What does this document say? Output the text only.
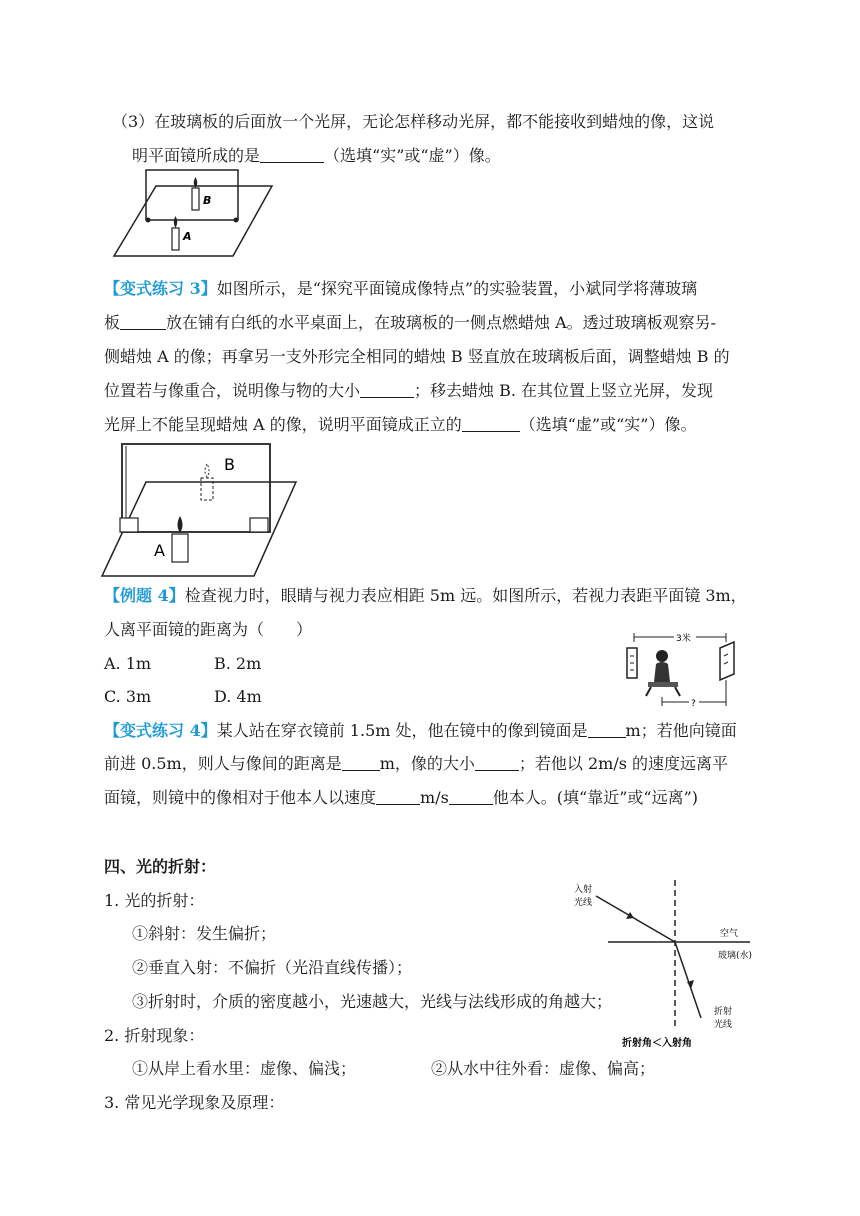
（3）在玻璃板的后面放一个光屏，无论怎样移动光屏，都不能接收到蜡烛的像，这说
明平面镜所成的是	（选填“实”或“虚”）像。
B
A
【变式练习 3】如图所示，是“探究平面镜成像特点”的实验装置，小斌同学将薄玻璃
板	放在铺有白纸的水平桌面上，在玻璃板的一侧点燃蜡烛 A。透过玻璃板观察另-
侧蜡烛 A 的像；再拿另一支外形完全相同的蜡烛 B 竖直放在玻璃板后面，调整蜡烛 B 的
位置若与像重合，说明像与物的大小	；移去蜡烛 B. 在其位置上竖立光屏，发现
光屏上不能呈现蜡烛 A 的像，说明平面镜成正立的	（选填“虚”或“实”）像。
B
A
【例题 4】检查视力时，眼睛与视力表应相距 5m 远。如图所示，若视力表距平面镜 3m，
人离平面镜的距离为（　　）
A. 1m	B. 2m
C. 3m	D. 4m
3米
?
【变式练习 4】某人站在穿衣镜前 1.5m 处，他在镜中的像到镜面是 m；若他向镜面
前进 0.5m，则人与像间的距离是 m，像的大小	；若他以 2m/s 的速度远离平
面镜，则镜中的像相对于他本人以速度	m/s	他本人。(填“靠近”或“远离”)
四、光的折射：
1. 光的折射：
①斜射：发生偏折；
②垂直入射：不偏折（光沿直线传播）；
③折射时，介质的密度越小，光速越大，光线与法线形成的角越大；
2. 折射现象：
①从岸上看水里：虚像、偏浅；	②从水中往外看：虚像、偏高；
3. 常见光学现象及原理：
入射
光线
空气
玻璃(水)
折射
光线
折射角＜入射角
